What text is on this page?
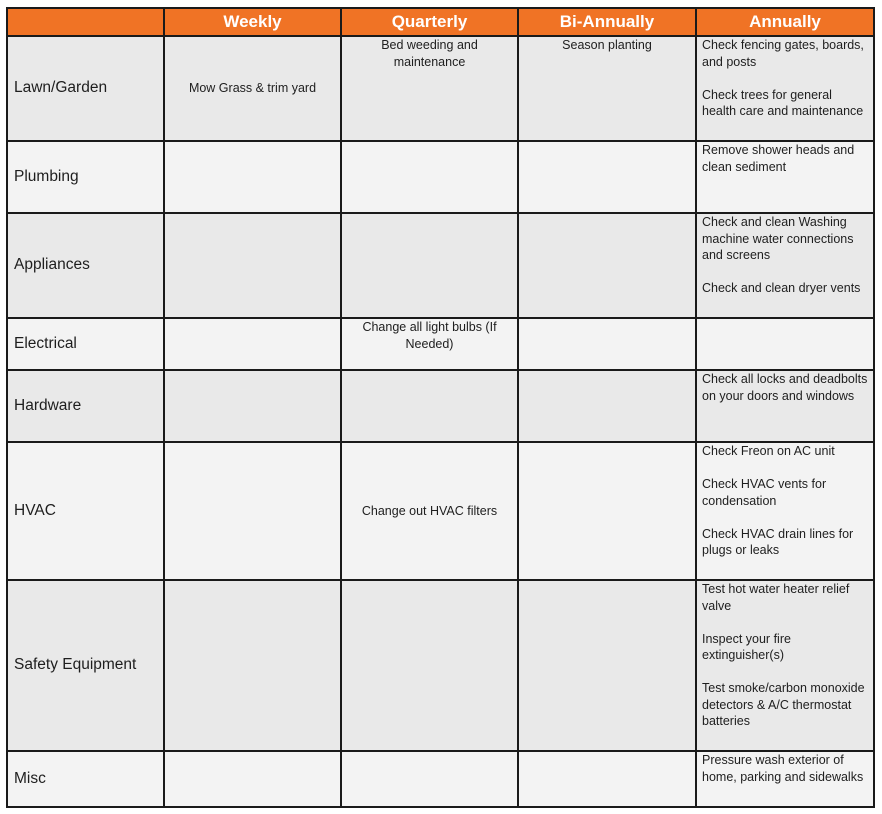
	Weekly	Quarterly	Bi-Annually	Annually
Lawn/Garden	Mow Grass & trim yard	Bed weeding and maintenance	Season planting	Check fencing gates, boards, and posts
Check trees for general health care and maintenance

Plumbing				Remove shower heads and clean sediment

Appliances				Check and clean Washing machine water connections and screens
Check and clean dryer vents

Electrical		Change all light bulbs (If Needed)		
Hardware				Check all locks and deadbolts on your doors and windows

HVAC		Change out HVAC filters		Check Freon on AC unit
Check HVAC vents for condensation
Check HVAC drain lines for plugs or leaks

Safety Equipment				Test hot water heater relief valve
Inspect your fire extinguisher(s)
Test smoke/carbon monoxide detectors & A/C thermostat batteries

Misc				Pressure wash exterior of home, parking and sidewalks
